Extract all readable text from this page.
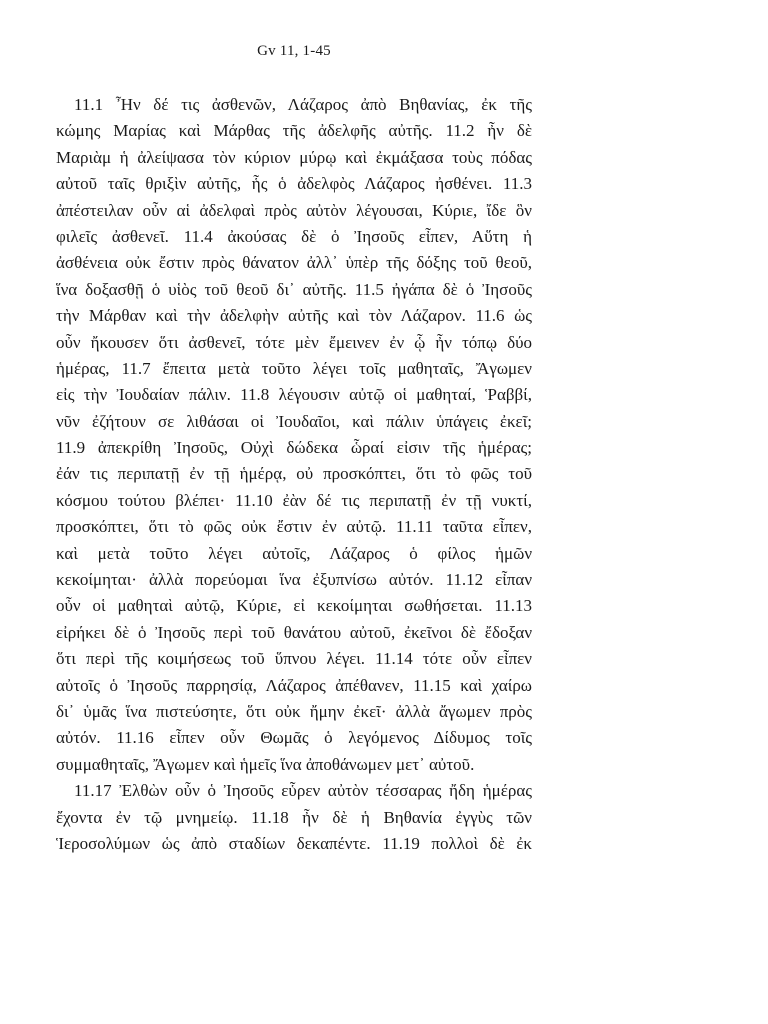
Gv 11, 1-45
11.1 Ἦν δέ τις ἀσθενῶν, Λάζαρος ἀπὸ Βηθανίας, ἐκ τῆς
κώμης Μαρίας καὶ Μάρθας τῆς ἀδελφῆς αὐτῆς. 11.2 ἦν δὲ
Μαριὰμ ἡ ἀλείψασα τὸν κύριον μύρῳ καὶ ἐκμάξασα τοὺς πόδας
αὐτοῦ ταῖς θριξὶν αὐτῆς, ἧς ὁ ἀδελφὸς Λάζαρος ἠσθένει. 11.3
ἀπέστειλαν οὖν αἱ ἀδελφαὶ πρὸς αὐτὸν λέγουσαι, Κύριε, ἴδε ὃν
φιλεῖς ἀσθενεῖ. 11.4 ἀκούσας δὲ ὁ Ἰησοῦς εἶπεν, Αὕτη ἡ
ἀσθένεια οὐκ ἔστιν πρὸς θάνατον ἀλλ᾽ ὑπὲρ τῆς δόξης τοῦ θεοῦ,
ἵνα δοξασθῇ ὁ υἱὸς τοῦ θεοῦ δι᾽ αὐτῆς. 11.5 ἠγάπα δὲ ὁ Ἰησοῦς
τὴν Μάρθαν καὶ τὴν ἀδελφὴν αὐτῆς καὶ τὸν Λάζαρον. 11.6 ὡς
οὖν ἤκουσεν ὅτι ἀσθενεῖ, τότε μὲν ἔμεινεν ἐν ᾧ ἦν τόπῳ δύο
ἡμέρας, 11.7 ἔπειτα μετὰ τοῦτο λέγει τοῖς μαθηταῖς, Ἄγωμεν
εἰς τὴν Ἰουδαίαν πάλιν. 11.8 λέγουσιν αὐτῷ οἱ μαθηταί, Ῥαββί,
νῦν ἐζήτουν σε λιθάσαι οἱ Ἰουδαῖοι, καὶ πάλιν ὑπάγεις ἐκεῖ;
11.9 ἀπεκρίθη Ἰησοῦς, Οὐχὶ δώδεκα ὧραί εἰσιν τῆς ἡμέρας;
ἐάν τις περιπατῇ ἐν τῇ ἡμέρᾳ, οὐ προσκόπτει, ὅτι τὸ φῶς τοῦ
κόσμου τούτου βλέπει· 11.10 ἐὰν δέ τις περιπατῇ ἐν τῇ νυκτί,
προσκόπτει, ὅτι τὸ φῶς οὐκ ἔστιν ἐν αὐτῷ. 11.11 ταῦτα εἶπεν,
καὶ μετὰ τοῦτο λέγει αὐτοῖς, Λάζαρος ὁ φίλος ἡμῶν
κεκοίμηται· ἀλλὰ πορεύομαι ἵνα ἐξυπνίσω αὐτόν. 11.12 εἶπαν
οὖν οἱ μαθηταὶ αὐτῷ, Κύριε, εἰ κεκοίμηται σωθήσεται. 11.13
εἰρήκει δὲ ὁ Ἰησοῦς περὶ τοῦ θανάτου αὐτοῦ, ἐκεῖνοι δὲ ἔδοξαν
ὅτι περὶ τῆς κοιμήσεως τοῦ ὕπνου λέγει. 11.14 τότε οὖν εἶπεν
αὐτοῖς ὁ Ἰησοῦς παρρησίᾳ, Λάζαρος ἀπέθανεν, 11.15 καὶ χαίρω
δι᾽ ὑμᾶς ἵνα πιστεύσητε, ὅτι οὐκ ἤμην ἐκεῖ· ἀλλὰ ἄγωμεν πρὸς
αὐτόν. 11.16 εἶπεν οὖν Θωμᾶς ὁ λεγόμενος Δίδυμος τοῖς
συμμαθηταῖς, Ἄγωμεν καὶ ἡμεῖς ἵνα ἀποθάνωμεν μετ᾽ αὐτοῦ.
11.17 Ἐλθὼν οὖν ὁ Ἰησοῦς εὗρεν αὐτὸν τέσσαρας ἤδη ἡμέρας
ἔχοντα ἐν τῷ μνημείῳ. 11.18 ἦν δὲ ἡ Βηθανία ἐγγὺς τῶν
Ἱεροσολύμων ὡς ἀπὸ σταδίων δεκαπέντε. 11.19 πολλοὶ δὲ ἐκ
